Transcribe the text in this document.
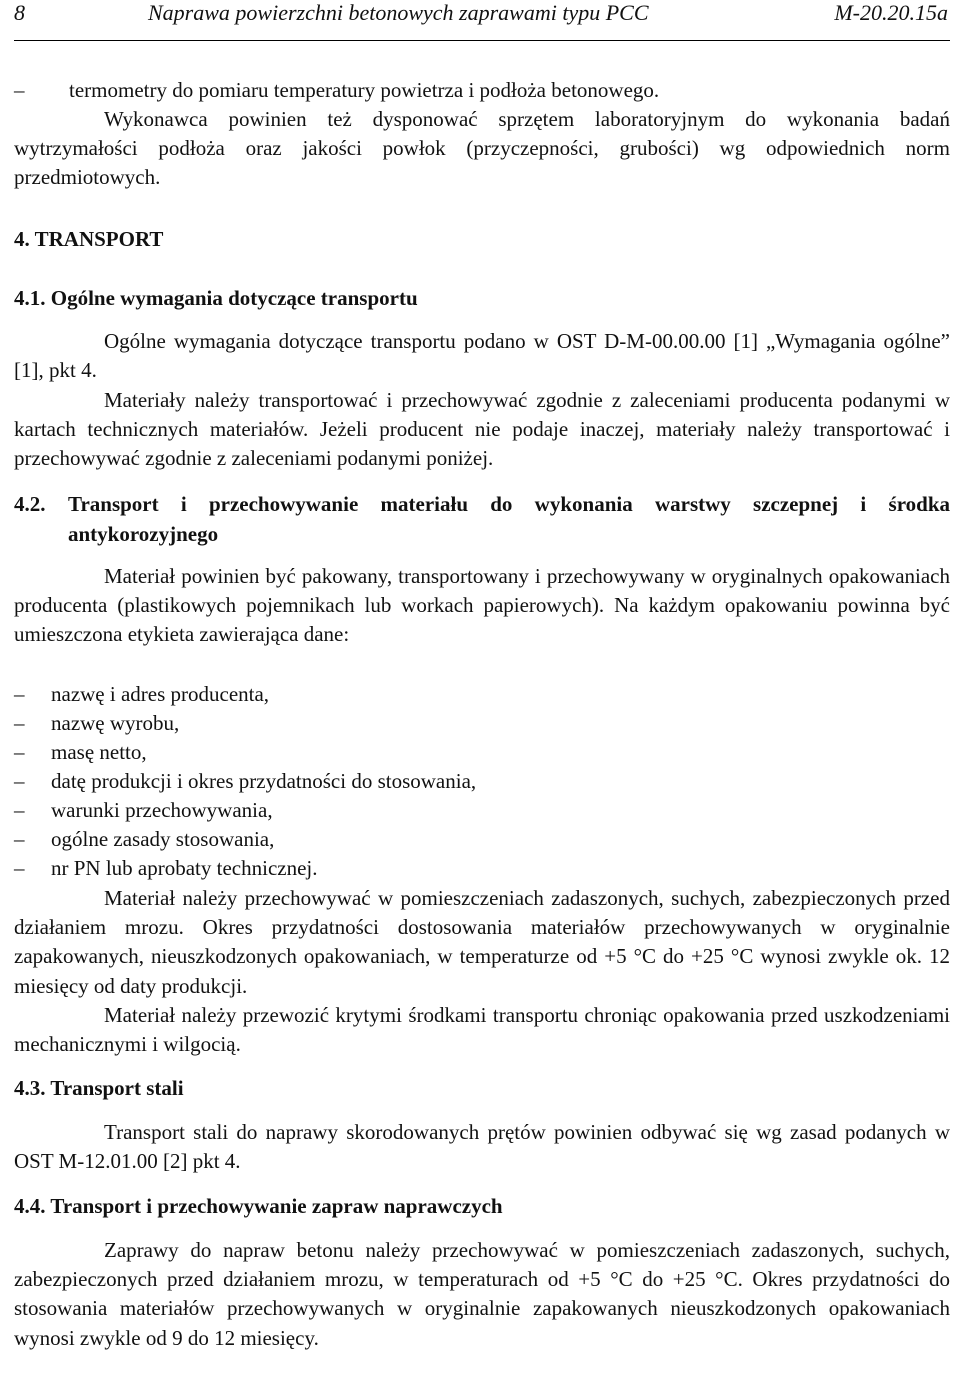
8	Naprawa powierzchni betonowych zaprawami typu PCC	M-20.20.15a

– termometry do pomiaru temperatury powietrza i podłoża betonowego.

Wykonawca powinien też dysponować sprzętem laboratoryjnym do wykonania badań wytrzymałości podłoża oraz jakości powłok (przyczepności, grubości) wg odpowiednich norm przedmiotowych.

4. TRANSPORT

4.1. Ogólne wymagania dotyczące transportu

Ogólne wymagania dotyczące transportu podano w OST D-M-00.00.00 [1] „Wymagania ogólne” [1], pkt 4.

Materiały należy transportować i przechowywać zgodnie z zaleceniami producenta podanymi w kartach technicznych materiałów. Jeżeli producent nie podaje inaczej, materiały należy transportować i przechowywać zgodnie z zaleceniami podanymi poniżej.

4.2. Transport i przechowywanie materiału do wykonania warstwy szczepnej i środka

antykorozyjnego

Materiał powinien być pakowany, transportowany i przechowywany w oryginalnych opakowaniach producenta (plastikowych pojemnikach lub workach papierowych). Na każdym opakowaniu powinna być umieszczona etykieta zawierająca dane:

– nazwę i adres producenta,

– nazwę wyrobu,

– masę netto,

– datę produkcji i okres przydatności do stosowania,

– warunki przechowywania,

– ogólne zasady stosowania,

– nr PN lub aprobaty technicznej.

Materiał należy przechowywać w pomieszczeniach zadaszonych, suchych, zabezpieczonych przed działaniem mrozu. Okres przydatności dostosowania materiałów przechowywanych w oryginalnie zapakowanych, nieuszkodzonych opakowaniach, w temperaturze od +5 °C do +25 °C wynosi zwykle ok. 12 miesięcy od daty produkcji.

Materiał należy przewozić krytymi środkami transportu chroniąc opakowania przed uszkodzeniami mechanicznymi i wilgocią.

4.3. Transport stali

Transport stali do naprawy skorodowanych prętów powinien odbywać się wg zasad podanych w OST M-12.01.00 [2] pkt 4.

4.4. Transport i przechowywanie zapraw naprawczych

Zaprawy do napraw betonu należy przechowywać w pomieszczeniach zadaszonych, suchych, zabezpieczonych przed działaniem mrozu, w temperaturach od +5 °C do +25 °C. Okres przydatności do stosowania materiałów przechowywanych w oryginalnie zapakowanych nieuszkodzonych opakowaniach wynosi zwykle od 9 do 12 miesięcy.
